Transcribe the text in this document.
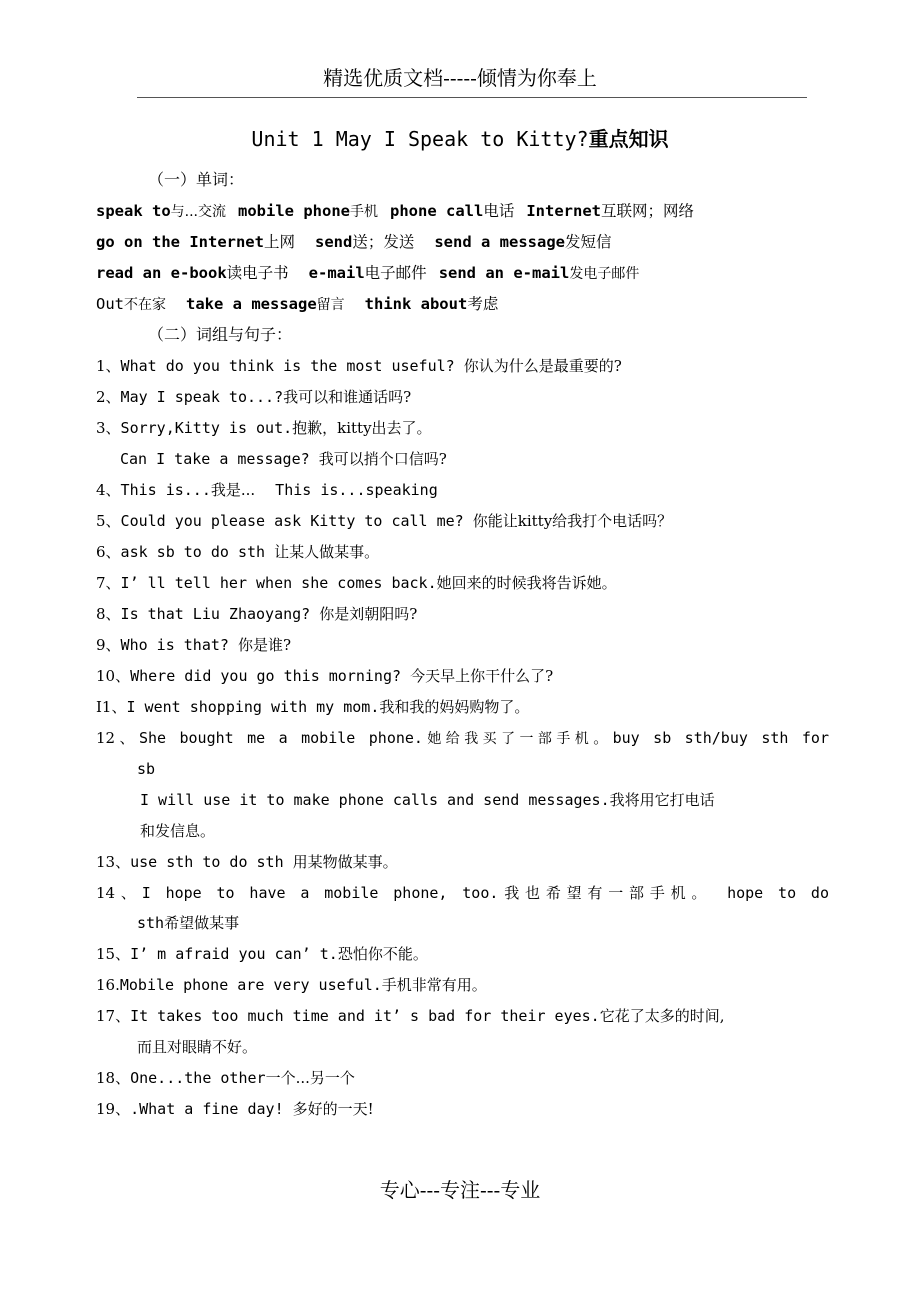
精选优质文档-----倾情为你奉上
Unit 1 May I Speak to Kitty?重点知识
（一）单词：
speak to与...交流 mobile phone手机 phone call电话 Internet互联网；网络
go on the Internet上网 send送；发送 send a message发短信
read an e-book读电子书 e-mail电子邮件 send an e-mail发电子邮件
Out不在家 take a message留言 think about考虑
（二）词组与句子：
1、What do you think is the most useful? 你认为什么是最重要的?
2、May I speak to...?我可以和谁通话吗?
3、Sorry,Kitty is out.抱歉，kitty出去了。
Can I take a message? 我可以捎个口信吗?
4、This is...我是... This is...speaking
5、Could you please ask Kitty to call me? 你能让kitty给我打个电话吗？
6、ask sb to do sth 让某人做某事。
7、I’ ll tell her when she comes back.她回来的时候我将告诉她。
8、Is that Liu Zhaoyang? 你是刘朝阳吗?
9、Who is that? 你是谁?
10、Where did you go this morning? 今天早上你干什么了?
I1、I went shopping with my mom.我和我的妈妈购物了。
12、She bought me a mobile phone.她给我买了一部手机。buy sb sth/buy sth for
sb
I will use it to make phone calls and send messages.我将用它打电话
和发信息。
13、use sth to do sth 用某物做某事。
14、I hope to have a mobile phone, too.我也希望有一部手机。 hope to do
sth希望做某事
15、I’ m afraid you can’ t.恐怕你不能。
16.Mobile phone are very useful.手机非常有用。
17、It takes too much time and it’ s bad for their eyes.它花了太多的时间,
而且对眼睛不好。
18、One...the other一个...另一个
19、.What a fine day! 多好的一天!
专心---专注---专业
